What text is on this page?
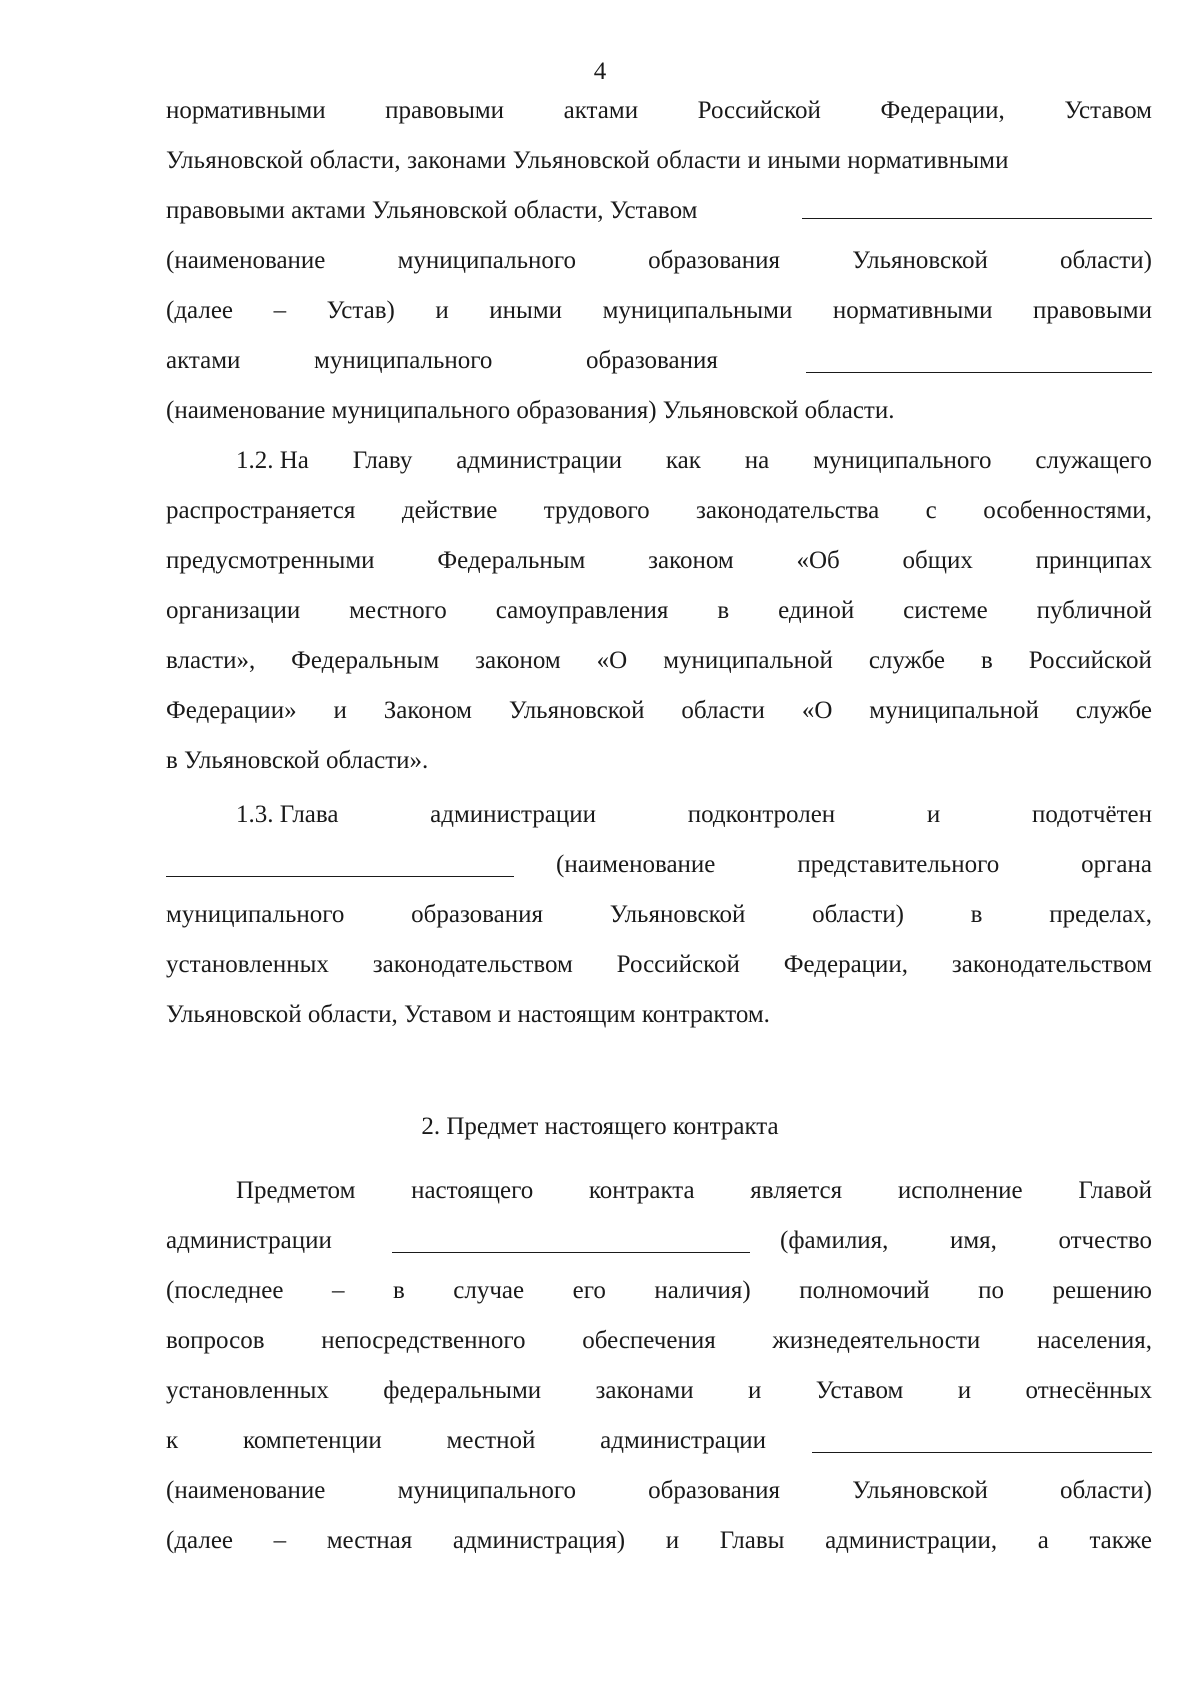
4
нормативными правовыми актами Российской Федерации, Уставом
Ульяновской области, законами Ульяновской области и иными нормативными
правовыми актами Ульяновской области, Уставом
(наименование	муниципального	образования	Ульяновской	области)
(далее – Устав) и иными муниципальными нормативными правовыми
актами	муниципального	образования
(наименование муниципального образования) Ульяновской области.
1.2. На Главу администрации как на муниципального служащего
распространяется действие трудового законодательства с особенностями,
предусмотренными	Федеральным	законом	«Об	общих	принципах
организации местного самоуправления в единой системе публичной
власти», Федеральным законом «О муниципальной службе в Российской
Федерации» и Законом Ульяновской области «О муниципальной службе
в Ульяновской области».
1.3. Глава	администрации	подконтролен	и	подотчётен
(наименование	представительного	органа
муниципального	образования	Ульяновской	области)	в	пределах,
установленных законодательством Российской Федерации, законодательством
Ульяновской области, Уставом и настоящим контрактом.
2. Предмет настоящего контракта
Предметом настоящего контракта является исполнение Главой
администрации	(фамилия, имя, отчество
(последнее – в случае его наличия) полномочий по решению
вопросов непосредственного обеспечения жизнедеятельности населения,
установленных федеральными законами и Уставом и отнесённых
к	компетенции	местной	администрации
(наименование	муниципального	образования	Ульяновской	области)
(далее – местная администрация) и Главы администрации, а также
